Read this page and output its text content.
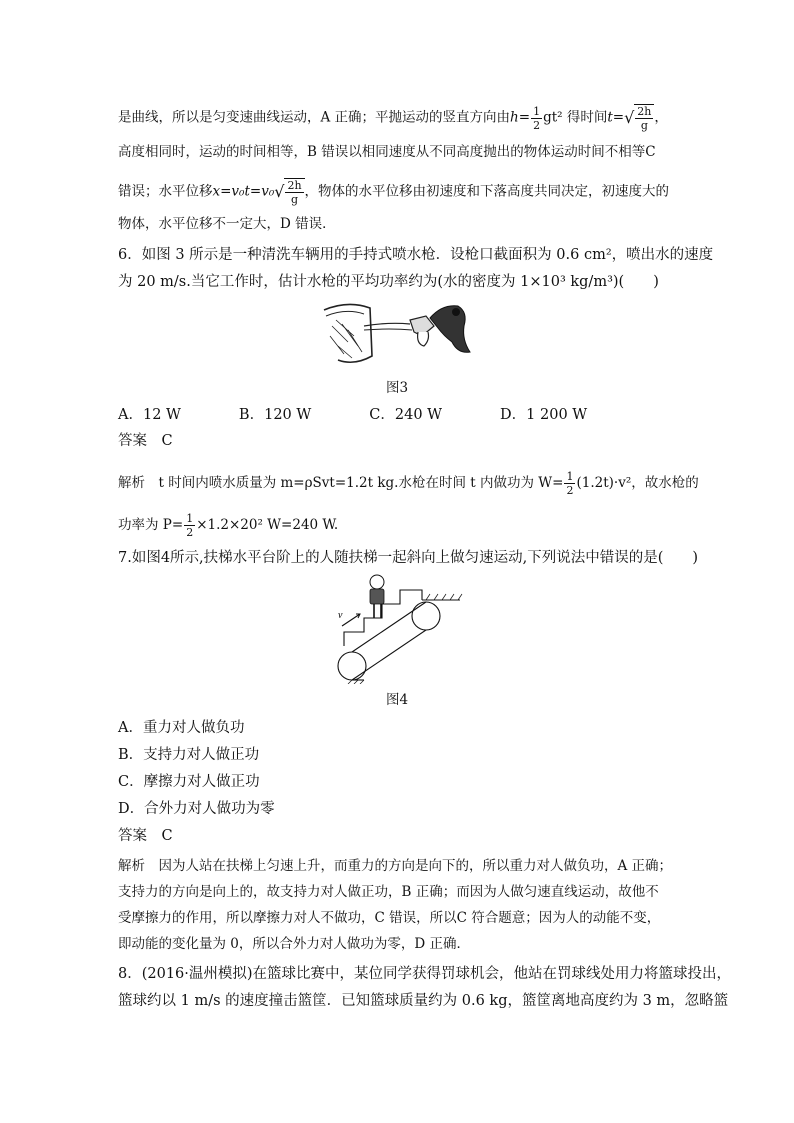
是曲线，所以是匀变速曲线运动，A 正确；平抛运动的竖直方向由$h= \frac{1}{2} gt^2$ 得时间$t=√ \frac{2h}{g}$ ，
高度相同时，运动的时间相等，B 错误以相同速度从不同高度抛出的物体运动时间不相等C
错误；水平位移$x=v_0t=v_0√ \frac{2h}{g}$ ，物体的水平位移由初速度和下落高度共同决定，初速度大的
物体，水平位移不一定大，D 错误．
6．如图 3 所示是一种清洗车辆用的手持式喷水枪．设枪口截面积为 0.6 cm²，喷出水的速度
为 20 m/s.当它工作时，估计水枪的平均功率约为(水的密度为 1×10³ kg/m³)(　　)
图3
A．12 W　　　　B．120 W　　　　C．240 W　　　　D．1 200 W
答案　C
解析　t 时间内喷水质量为 m=ρSvt=1.2t kg.水枪在时间 t 内做功为 $W= \frac{1}{2} (1.2t)\cdot v^2$，故水枪的
功率为 $P= \frac{1}{2} \times 1.2\times 20^2$ W=240 W.
7.如图4所示,扶梯水平台阶上的人随扶梯一起斜向上做匀速运动,下列说法中错误的是(　　)
v
图4
A．重力对人做负功
B．支持力对人做正功
C．摩擦力对人做正功
D．合外力对人做功为零
答案　C
解析　因为人站在扶梯上匀速上升，而重力的方向是向下的，所以重力对人做负功，A 正确；
支持力的方向是向上的，故支持力对人做正功，B 正确；而因为人做匀速直线运动，故他不
受摩擦力的作用，所以摩擦力对人不做功，C 错误，所以C 符合题意；因为人的动能不变，
即动能的变化量为 0，所以合外力对人做功为零，D 正确．
8．(2016·温州模拟)在篮球比赛中，某位同学获得罚球机会，他站在罚球线处用力将篮球投出，
篮球约以 1 m/s 的速度撞击篮筐．已知篮球质量约为 0.6 kg，篮筐离地高度约为 3 m，忽略篮
